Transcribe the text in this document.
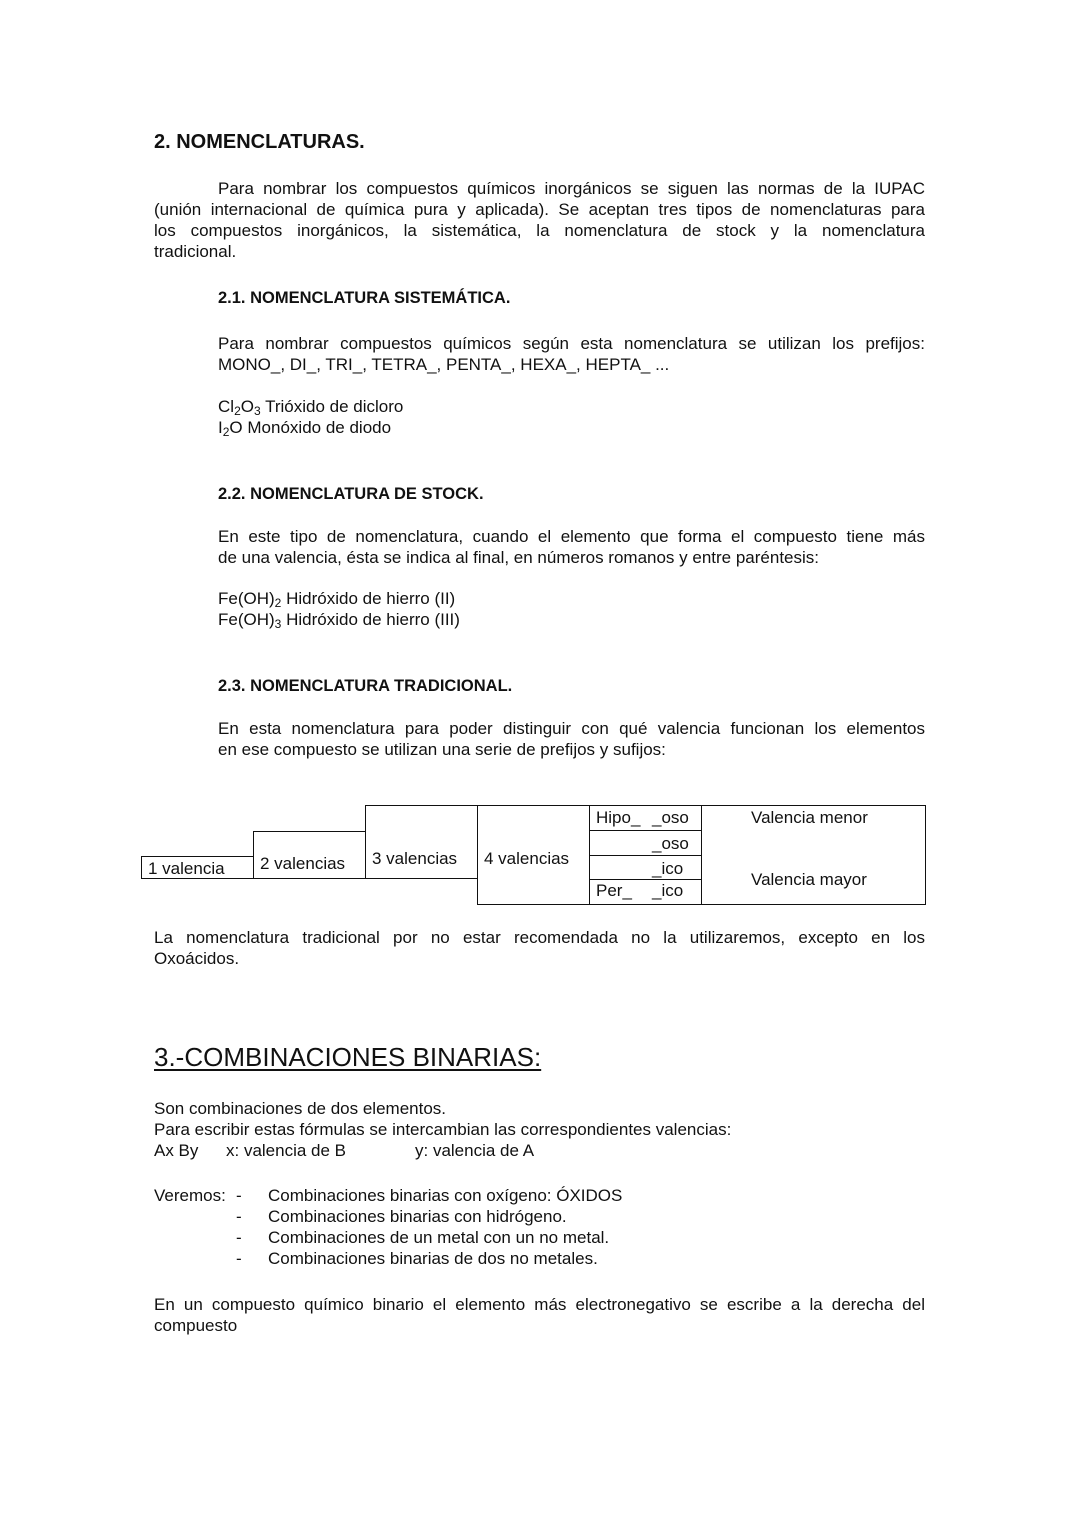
2. NOMENCLATURAS.
Para nombrar los compuestos químicos inorgánicos se siguen las normas de la IUPAC
(unión internacional de química pura y aplicada). Se aceptan tres tipos de nomenclaturas para
los compuestos inorgánicos, la sistemática, la nomenclatura de stock y la nomenclatura
tradicional.
2.1. NOMENCLATURA SISTEMÁTICA.
Para nombrar compuestos químicos según esta nomenclatura se utilizan los prefijos:
MONO_, DI_, TRI_, TETRA_, PENTA_, HEXA_, HEPTA_ ...
$Cl_2O_3$ Trióxido de dicloro
$I_2O$ Monóxido de diodo
2.2. NOMENCLATURA DE STOCK.
En este tipo de nomenclatura, cuando el elemento que forma el compuesto tiene más
de una valencia, ésta se indica al final, en números romanos y entre paréntesis:
$Fe(OH)_2$ Hidróxido de hierro (II)
$Fe(OH)_3$ Hidróxido de hierro (III)
2.3. NOMENCLATURA TRADICIONAL.
En esta nomenclatura para poder distinguir con qué valencia funcionan los elementos
en ese compuesto se utilizan una serie de prefijos y sufijos:
1 valencia 2 valencias 3 valencias 4 valencias
Hipo_ _oso
_oso
_ico
Per_ _ico
Valencia menor
Valencia mayor
La nomenclatura tradicional por no estar recomendada no la utilizaremos, excepto en los
Oxoácidos.
3.-COMBINACIONES BINARIAS:
Son combinaciones de dos elementos.
Para escribir estas fórmulas se intercambian las correspondientes valencias:
Ax By x: valencia de B	y: valencia de A
Veremos: -
-
-
-
Combinaciones binarias con oxígeno: ÓXIDOS
Combinaciones binarias con hidrógeno.
Combinaciones de un metal con un no metal.
Combinaciones binarias de dos no metales.
En un compuesto químico binario el elemento más electronegativo se escribe a la derecha del
compuesto
